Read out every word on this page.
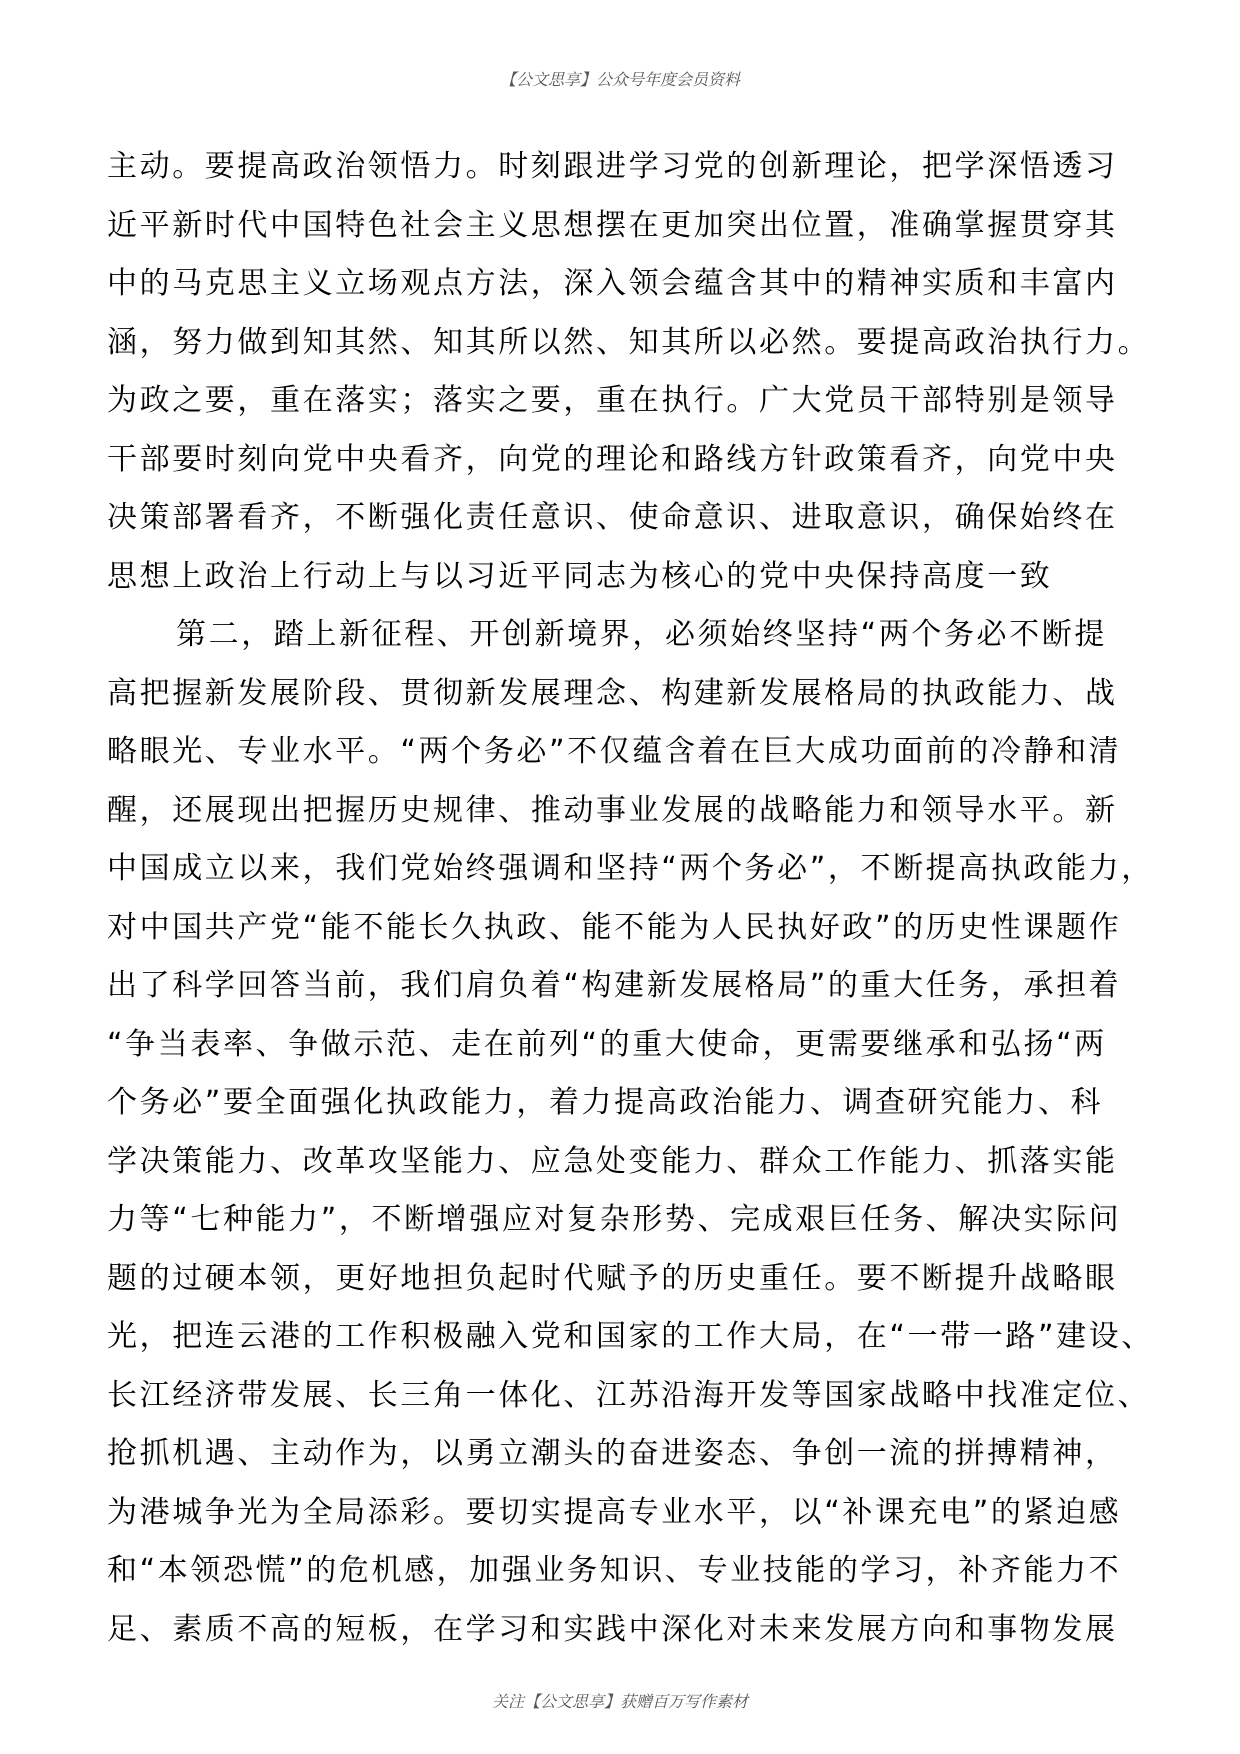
【公文思享】公众号年度会员资料
主动。要提高政治领悟力。时刻跟进学习党的创新理论，把学深悟透习
近平新时代中国特色社会主义思想摆在更加突出位置，准确掌握贯穿其
中的马克思主义立场观点方法，深入领会蕴含其中的精神实质和丰富内
涵，努力做到知其然、知其所以然、知其所以必然。要提高政治执行力。
为政之要，重在落实；落实之要，重在执行。广大党员干部特别是领导
干部要时刻向党中央看齐，向党的理论和路线方针政策看齐，向党中央
决策部署看齐，不断强化责任意识、使命意识、进取意识，确保始终在
思想上政治上行动上与以习近平同志为核心的党中央保持高度一致
第二，踏上新征程、开创新境界，必须始终坚持“两个务必不断提
高把握新发展阶段、贯彻新发展理念、构建新发展格局的执政能力、战
略眼光、专业水平。“两个务必”不仅蕴含着在巨大成功面前的冷静和清
醒，还展现出把握历史规律、推动事业发展的战略能力和领导水平。新
中国成立以来，我们党始终强调和坚持“两个务必”，不断提高执政能力，
对中国共产党“能不能长久执政、能不能为人民执好政”的历史性课题作
出了科学回答当前，我们肩负着“构建新发展格局”的重大任务，承担着
“争当表率、争做示范、走在前列“的重大使命，更需要继承和弘扬“两
个务必”要全面强化执政能力，着力提高政治能力、调查研究能力、科
学决策能力、改革攻坚能力、应急处变能力、群众工作能力、抓落实能
力等“七种能力”，不断增强应对复杂形势、完成艰巨任务、解决实际问
题的过硬本领，更好地担负起时代赋予的历史重任。要不断提升战略眼
光，把连云港的工作积极融入党和国家的工作大局，在“一带一路”建设、
长江经济带发展、长三角一体化、江苏沿海开发等国家战略中找准定位、
抢抓机遇、主动作为，以勇立潮头的奋进姿态、争创一流的拼搏精神，
为港城争光为全局添彩。要切实提高专业水平，以“补课充电”的紧迫感
和“本领恐慌”的危机感，加强业务知识、专业技能的学习，补齐能力不
足、素质不高的短板，在学习和实践中深化对未来发展方向和事物发展
关注【公文思享】获赠百万写作素材
